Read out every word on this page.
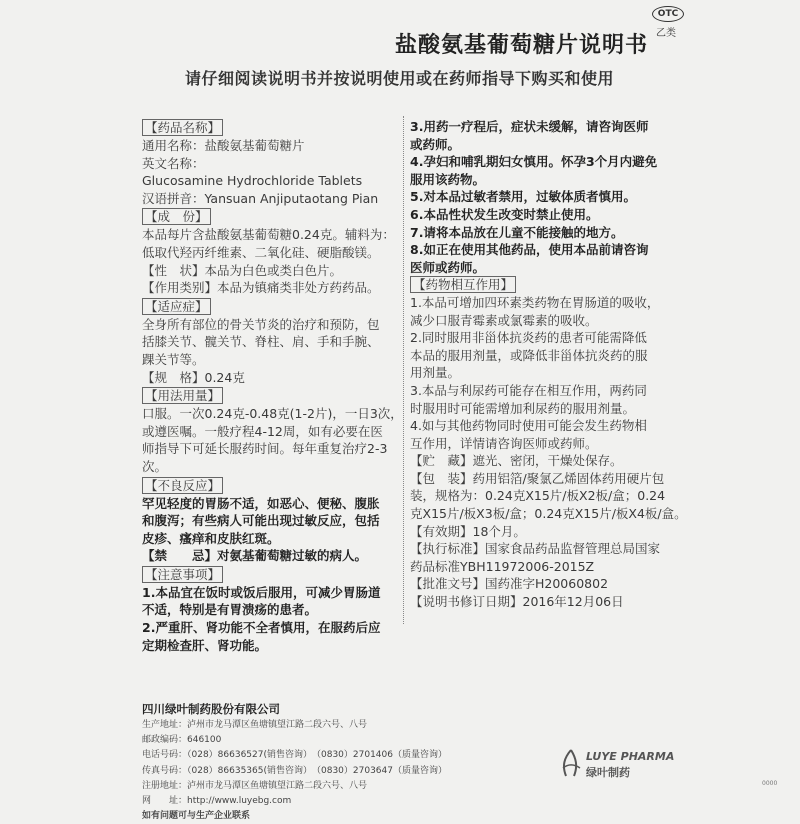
OTC
乙类
盐酸氨基葡萄糖片说明书
请仔细阅读说明书并按说明使用或在药师指导下购买和使用
【药品名称】
通用名称：盐酸氨基葡萄糖片
英文名称：
Glucosamine Hydrochloride Tablets
汉语拼音：Yansuan Anjiputaotang Pian
【成　份】
本品每片含盐酸氨基葡萄糖0.24克。辅料为：
低取代羟丙纤维素、二氧化硅、硬脂酸镁。
【性　状】本品为白色或类白色片。
【作用类别】本品为镇痛类非处方药药品。
【适应症】
全身所有部位的骨关节炎的治疗和预防，包
括膝关节、髋关节、脊柱、肩、手和手腕、
踝关节等。
【规　格】0.24克
【用法用量】
口服。一次0.24克-0.48克(1-2片)，一日3次，
或遵医嘱。一般疗程4-12周，如有必要在医
师指导下可延长服药时间。每年重复治疗2-3
次。
【不良反应】
罕见轻度的胃肠不适，如恶心、便秘、腹胀
和腹泻；有些病人可能出现过敏反应，包括
皮疹、瘙痒和皮肤红斑。
【禁　　忌】对氨基葡萄糖过敏的病人。
【注意事项】
1.本品宜在饭时或饭后服用，可减少胃肠道
不适，特别是有胃溃疡的患者。
2.严重肝、肾功能不全者慎用，在服药后应
定期检查肝、肾功能。
3.用药一疗程后，症状未缓解，请咨询医师
或药师。
4.孕妇和哺乳期妇女慎用。怀孕3个月内避免
服用该药物。
5.对本品过敏者禁用，过敏体质者慎用。
6.本品性状发生改变时禁止使用。
7.请将本品放在儿童不能接触的地方。
8.如正在使用其他药品，使用本品前请咨询
医师或药师。
【药物相互作用】
1.本品可增加四环素类药物在胃肠道的吸收，
减少口服青霉素或氯霉素的吸收。
2.同时服用非甾体抗炎药的患者可能需降低
本品的服用剂量，或降低非甾体抗炎药的服
用剂量。
3.本品与利尿药可能存在相互作用，两药同
时服用时可能需增加利尿药的服用剂量。
4.如与其他药物同时使用可能会发生药物相
互作用，详情请咨询医师或药师。
【贮　藏】遮光、密闭，干燥处保存。
【包　装】药用铝箔/聚氯乙烯固体药用硬片包
装，规格为：0.24克X15片/板X2板/盒；0.24
克X15片/板X3板/盒；0.24克X15片/板X4板/盒。
【有效期】18个月。
【执行标准】国家食品药品监督管理总局国家
药品标准YBH11972006-2015Z
【批准文号】国药准字H20060802
【说明书修订日期】2016年12月06日
四川绿叶制药股份有限公司
生产地址：泸州市龙马潭区鱼塘镇望江路二段六号、八号
邮政编码：646100
电话号码：（028）86636527(销售咨询）　（0830）2701406（质量咨询）
传真号码：（028）86635365(销售咨询）　（0830）2703647（质量咨询）
注册地址：泸州市龙马潭区鱼塘镇望江路二段六号、八号
网　　址：http://www.luyebg.com
如有问题可与生产企业联系
LUYE PHARMA
绿叶制药
0000
